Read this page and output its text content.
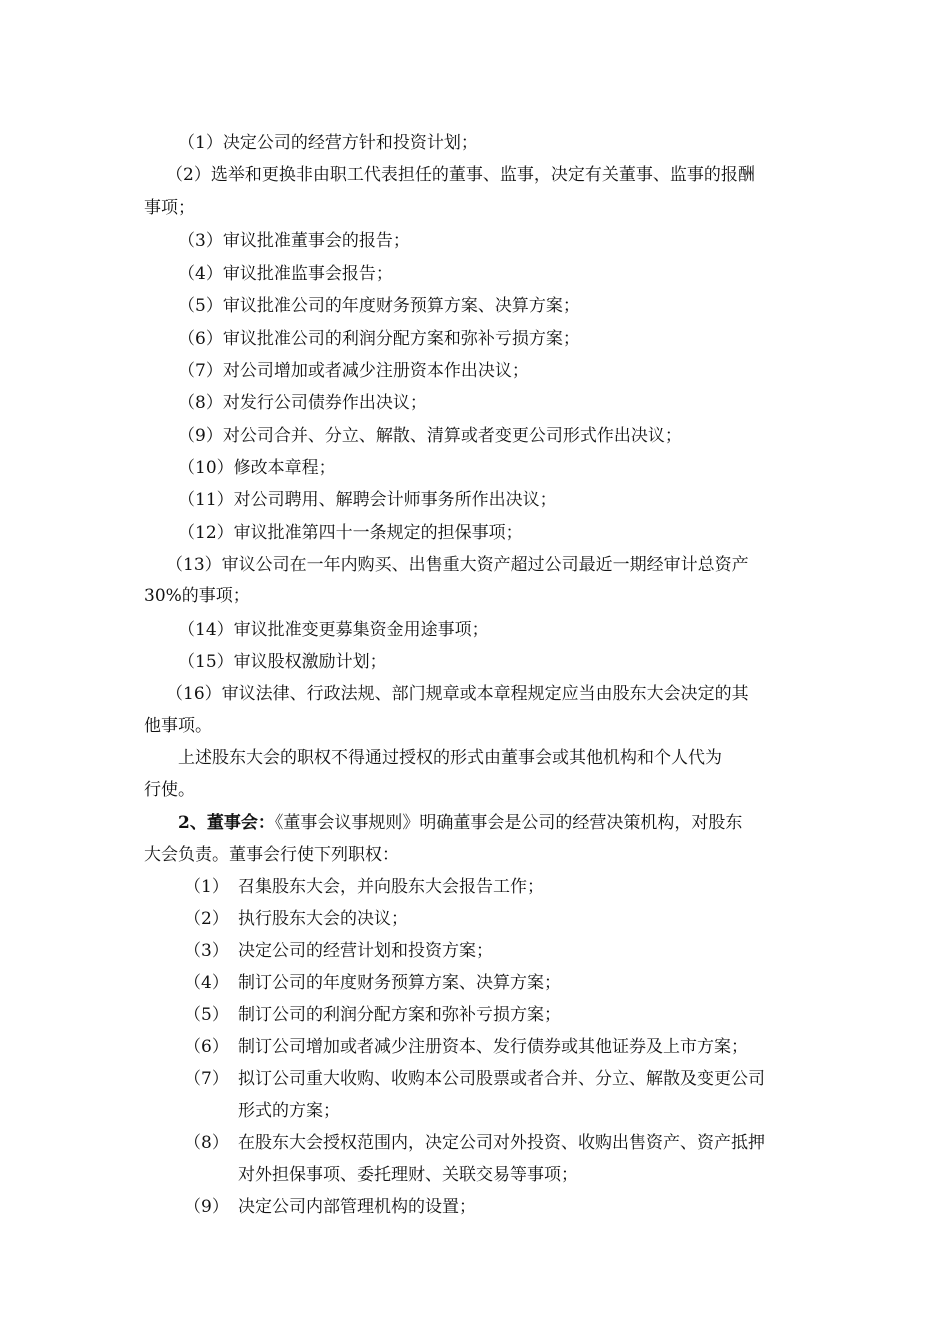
（1）决定公司的经营方针和投资计划；
（2）选举和更换非由职工代表担任的董事、监事，决定有关董事、监事的报酬
事项；
（3）审议批准董事会的报告；
（4）审议批准监事会报告；
（5）审议批准公司的年度财务预算方案、决算方案；
（6）审议批准公司的利润分配方案和弥补亏损方案；
（7）对公司增加或者减少注册资本作出决议；
（8）对发行公司债券作出决议；
（9）对公司合并、分立、解散、清算或者变更公司形式作出决议；
（10）修改本章程；
（11）对公司聘用、解聘会计师事务所作出决议；
（12）审议批准第四十一条规定的担保事项；
（13）审议公司在一年内购买、出售重大资产超过公司最近一期经审计总资产
30%的事项；
（14）审议批准变更募集资金用途事项；
（15）审议股权激励计划；
（16）审议法律、行政法规、部门规章或本章程规定应当由股东大会决定的其
他事项。
上述股东大会的职权不得通过授权的形式由董事会或其他机构和个人代为
行使。
2、董事会：《董事会议事规则》明确董事会是公司的经营决策机构，对股东
大会负责。董事会行使下列职权：
（1） 召集股东大会，并向股东大会报告工作；
（2） 执行股东大会的决议；
（3） 决定公司的经营计划和投资方案；
（4） 制订公司的年度财务预算方案、决算方案；
（5） 制订公司的利润分配方案和弥补亏损方案；
（6） 制订公司增加或者减少注册资本、发行债券或其他证券及上市方案；
（7） 拟订公司重大收购、收购本公司股票或者合并、分立、解散及变更公司
形式的方案；
（8） 在股东大会授权范围内，决定公司对外投资、收购出售资产、资产抵押
对外担保事项、委托理财、关联交易等事项；
（9） 决定公司内部管理机构的设置；
